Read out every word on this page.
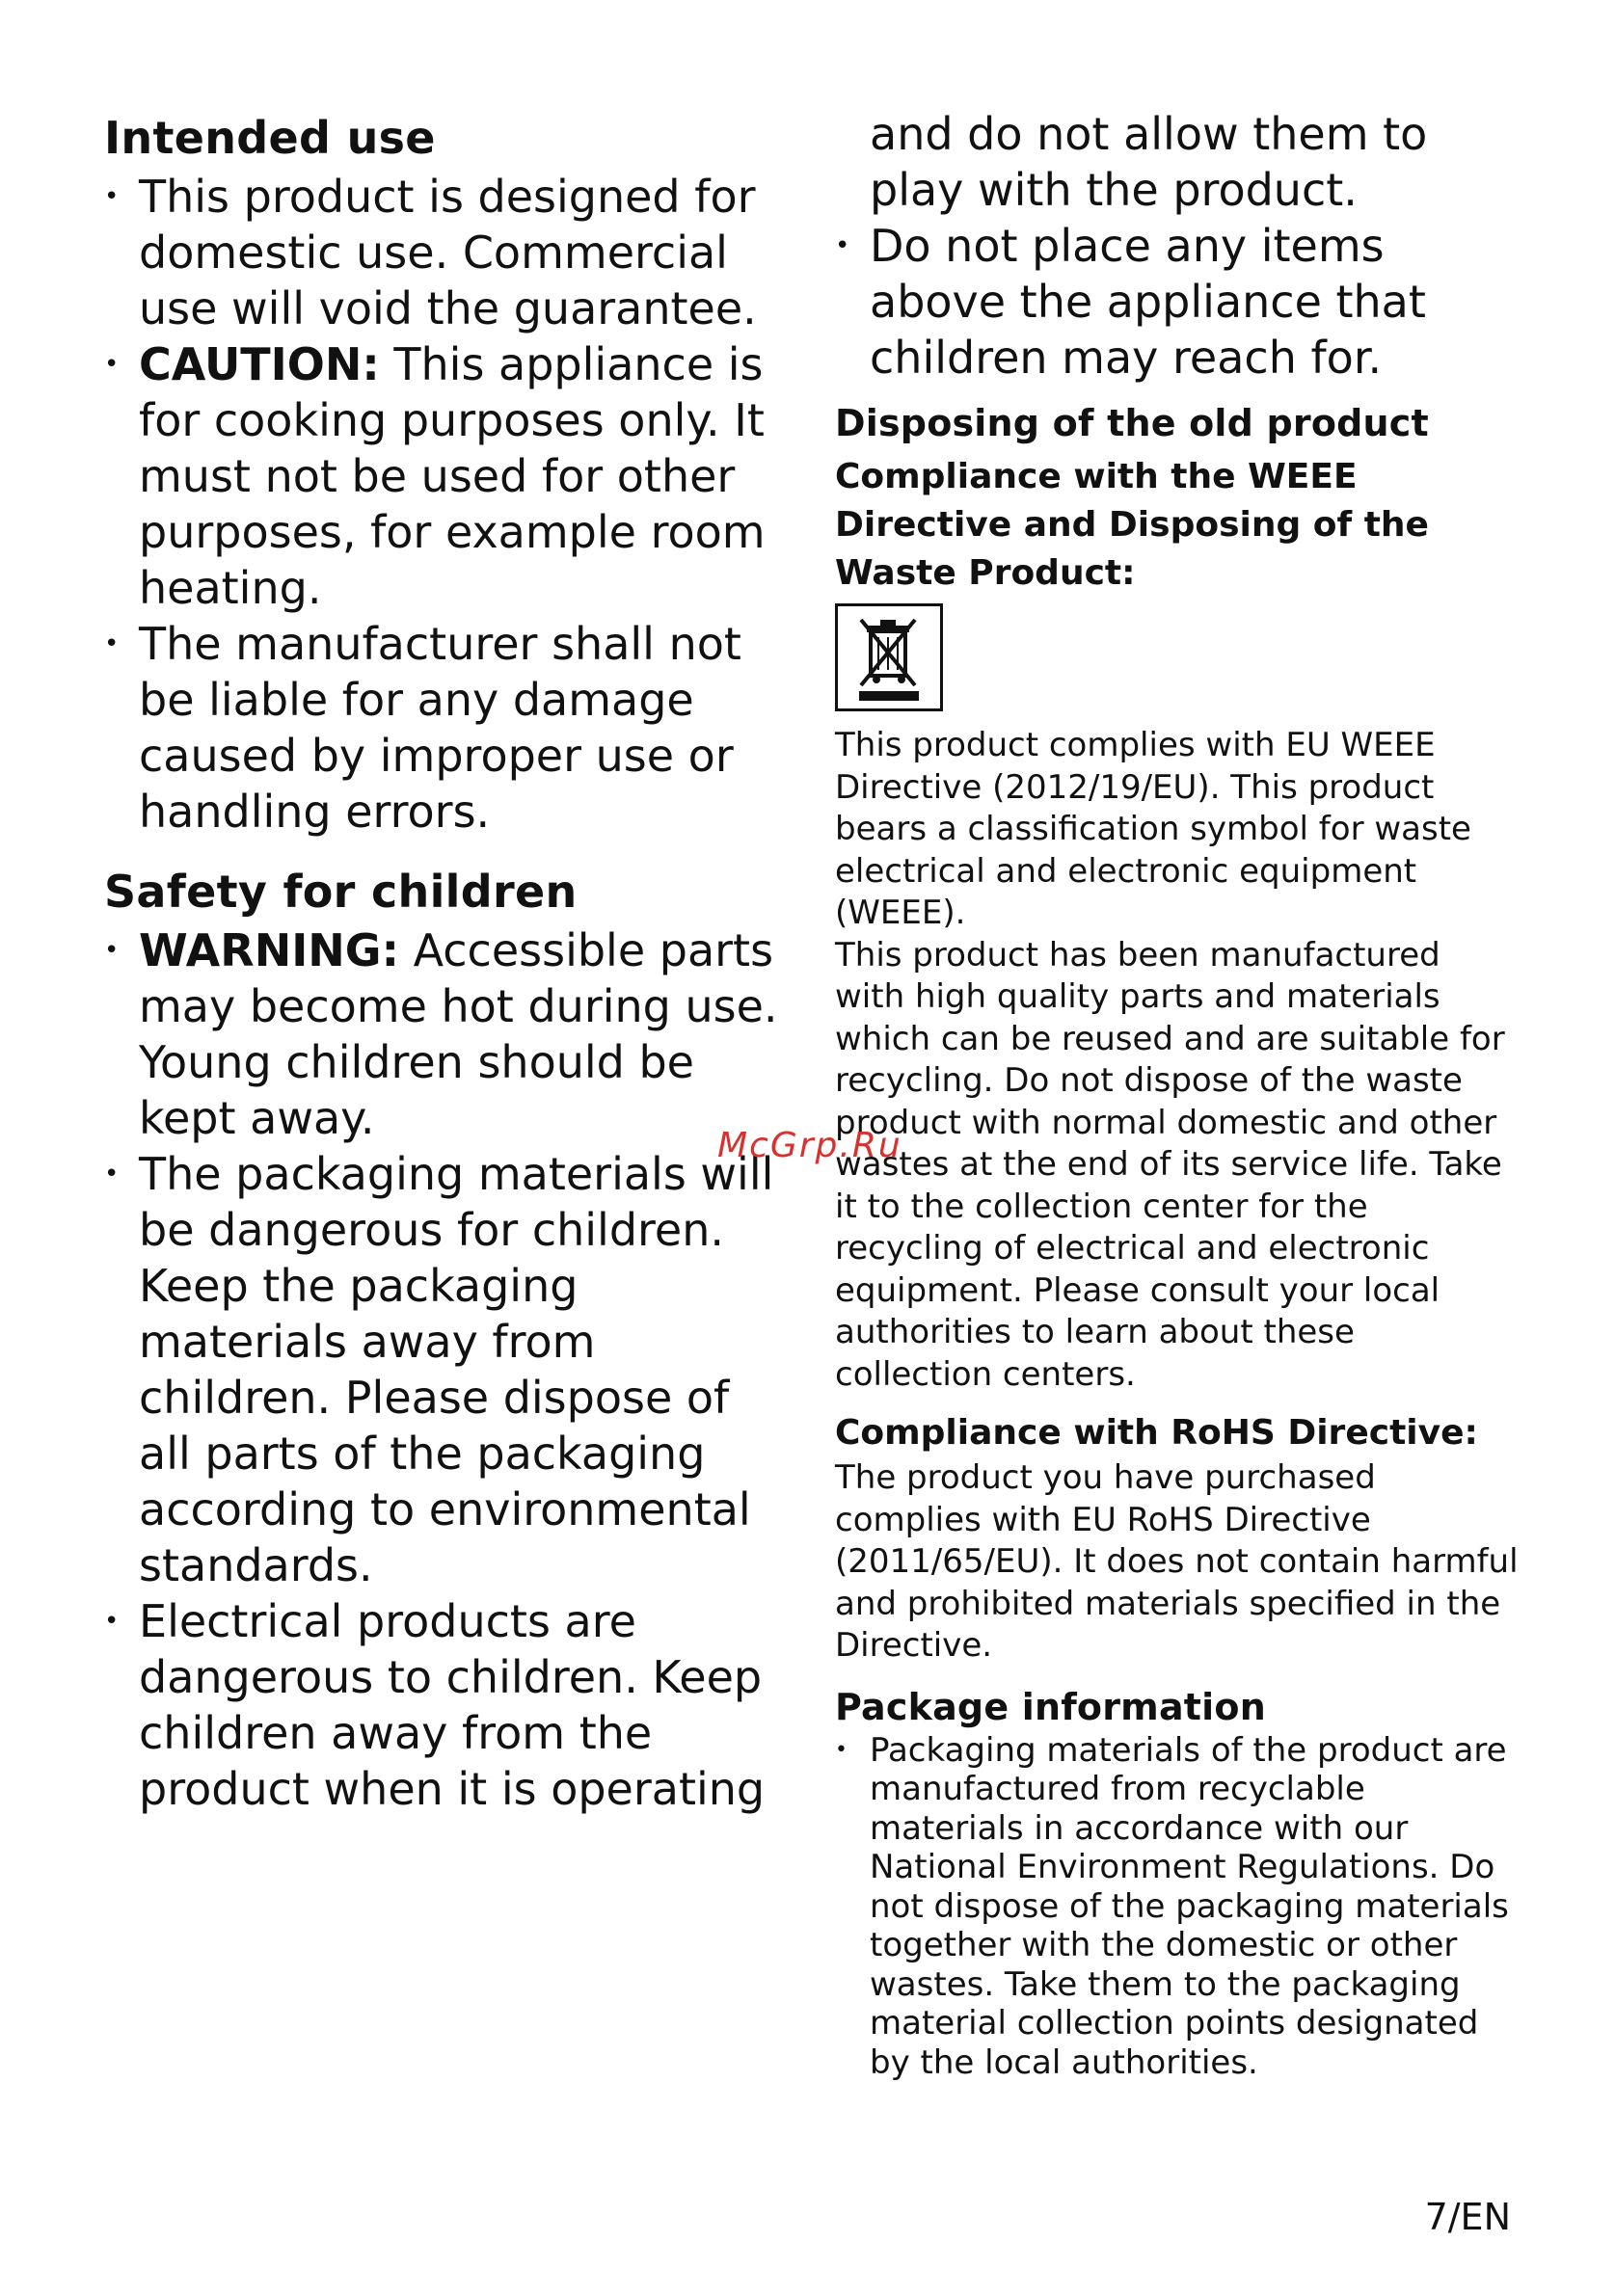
Intended use
• This product is designed for domestic use. Commercial use will void the guarantee.
• CAUTION: This appliance is for cooking purposes only. It must not be used for other purposes, for example room heating.
• The manufacturer shall not be liable for any damage caused by improper use or handling errors.
Safety for children
• WARNING: Accessible parts may become hot during use. Young children should be kept away.
• The packaging materials will be dangerous for children. Keep the packaging materials away from children. Please dispose of all parts of the packaging according to environmental standards.
• Electrical products are dangerous to children. Keep children away from the product when it is operating
and do not allow them to play with the product.
• Do not place any items above the appliance that children may reach for.
Disposing of the old product
Compliance with the WEEE Directive and Disposing of the Waste Product:

This product complies with EU WEEE Directive (2012/19/EU). This product bears a classification symbol for waste electrical and electronic equipment (WEEE).

This product has been manufactured with high quality parts and materials which can be reused and are suitable for recycling. Do not dispose of the waste product with normal domestic and other wastes at the end of its service life. Take it to the collection center for the recycling of electrical and electronic equipment. Please consult your local authorities to learn about these collection centers.

Compliance with RoHS Directive:

The product you have purchased complies with EU RoHS Directive (2011/65/EU). It does not contain harmful and prohibited materials specified in the Directive.

Package information
• Packaging materials of the product are manufactured from recyclable materials in accordance with our National Environment Regulations. Do not dispose of the packaging materials together with the domestic or other wastes. Take them to the packaging material collection points designated by the local authorities.
McGrp.Ru
7/EN
